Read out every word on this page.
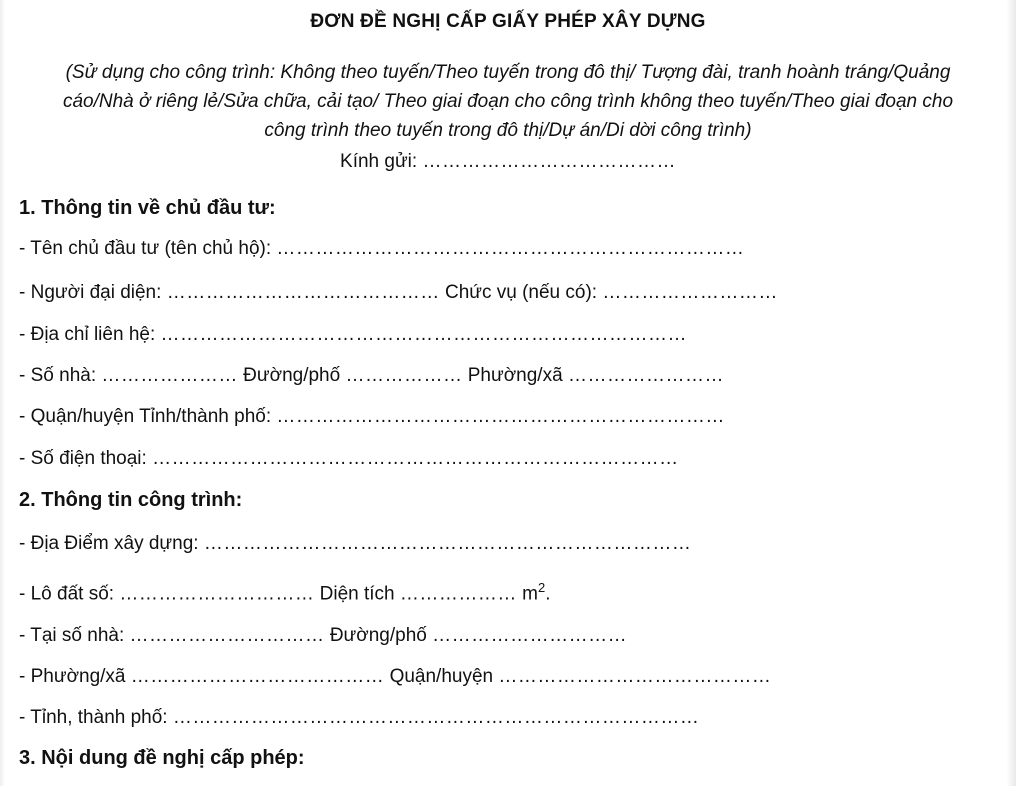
ĐƠN ĐỀ NGHỊ CẤP GIẤY PHÉP XÂY DỰNG
(Sử dụng cho công trình: Không theo tuyến/Theo tuyến trong đô thị/ Tượng đài, tranh hoành tráng/Quảng cáo/Nhà ở riêng lẻ/Sửa chữa, cải tạo/ Theo giai đoạn cho công trình không theo tuyến/Theo giai đoạn cho công trình theo tuyến trong đô thị/Dự án/Di dời công trình)
Kính gửi: …………………………………
1. Thông tin về chủ đầu tư:
- Tên chủ đầu tư (tên chủ hộ): ………………………………………………………………
- Người đại diện: …………………………………… Chức vụ (nếu có): ………………………
- Địa chỉ liên hệ: ………………………………………………………………………
- Số nhà: ………………… Đường/phố ……………… Phường/xã ……………………
- Quận/huyện Tỉnh/thành phố: ……………………………………………………………
- Số điện thoại: ………………………………………………………………………
2. Thông tin công trình:
- Địa Điểm xây dựng: …………………………………………………………………
- Lô đất số: ………………………… Diện tích ……………… $m^2$.
- Tại số nhà: ………………………… Đường/phố …………………………
- Phường/xã ………………………………… Quận/huyện ……………………………………
- Tỉnh, thành phố: ………………………………………………………………………
3. Nội dung đề nghị cấp phép:
